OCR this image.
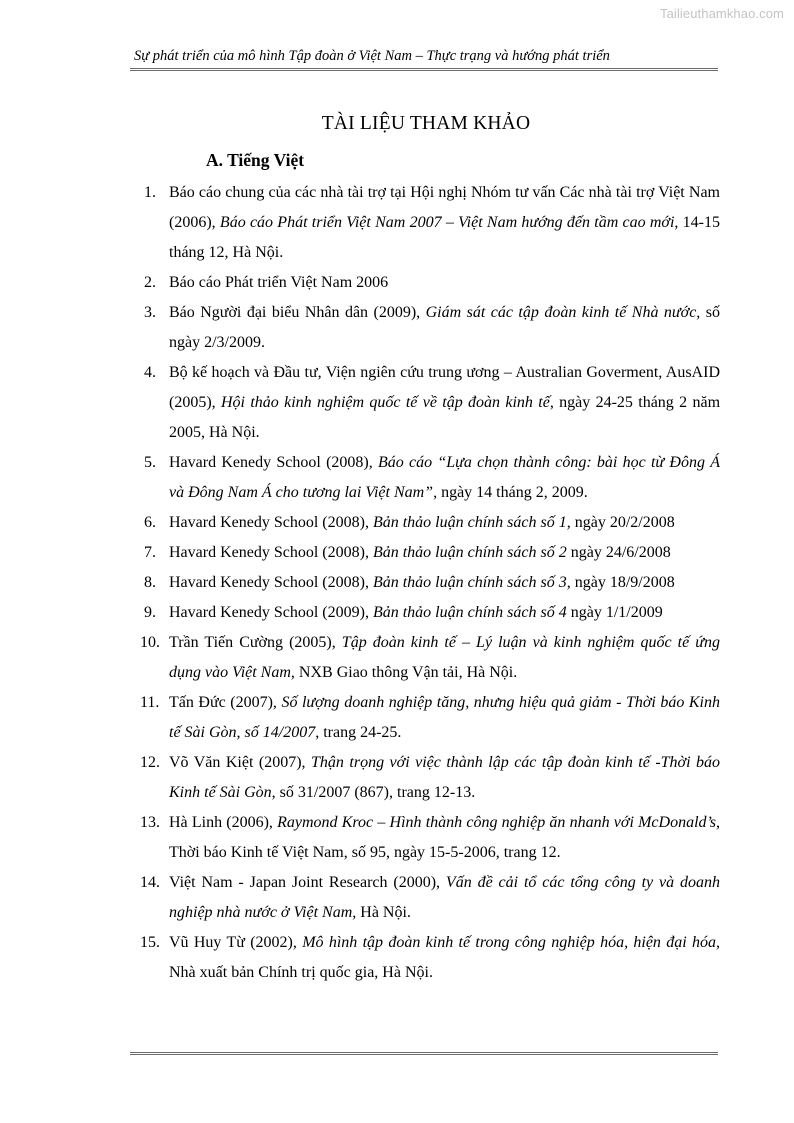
Tailieuthamkhao.com
Sự phát triển của mô hình Tập đoàn ở Việt Nam – Thực trạng và hướng phát triển
TÀI LIỆU THAM KHẢO
A. Tiếng Việt
1. Báo cáo chung của các nhà tài trợ tại Hội nghị Nhóm tư vấn Các nhà tài trợ Việt Nam (2006), Báo cáo Phát triển Việt Nam 2007 – Việt Nam hướng đến tầm cao mới, 14-15 tháng 12, Hà Nội.
2. Báo cáo Phát triển Việt Nam 2006
3. Báo Người đại biểu Nhân dân (2009), Giám sát các tập đoàn kinh tế Nhà nước, số ngày 2/3/2009.
4. Bộ kế hoạch và Đầu tư, Viện ngiên cứu trung ương – Australian Goverment, AusAID (2005), Hội thảo kinh nghiệm quốc tế về tập đoàn kinh tế, ngày 24-25 tháng 2 năm 2005, Hà Nội.
5. Havard Kenedy School (2008), Báo cáo “Lựa chọn thành công: bài học từ Đông Á và Đông Nam Á cho tương lai Việt Nam”, ngày 14 tháng 2, 2009.
6. Havard Kenedy School (2008), Bản thảo luận chính sách số 1, ngày 20/2/2008
7. Havard Kenedy School (2008), Bản thảo luận chính sách số 2 ngày 24/6/2008
8. Havard Kenedy School (2008), Bản thảo luận chính sách số 3, ngày 18/9/2008
9. Havard Kenedy School (2009), Bản thảo luận chính sách số 4 ngày 1/1/2009
10. Trần Tiến Cường (2005), Tập đoàn kinh tế – Lý luận và kinh nghiệm quốc tế ứng dụng vào Việt Nam, NXB Giao thông Vận tải, Hà Nội.
11. Tấn Đức (2007), Số lượng doanh nghiệp tăng, nhưng hiệu quả giảm - Thời báo Kinh tế Sài Gòn, số 14/2007, trang 24-25.
12. Võ Văn Kiệt (2007), Thận trọng với việc thành lập các tập đoàn kinh tế -Thời báo Kinh tế Sài Gòn, số 31/2007 (867), trang 12-13.
13. Hà Linh (2006), Raymond Kroc – Hình thành công nghiệp ăn nhanh với McDonald’s, Thời báo Kinh tế Việt Nam, số 95, ngày 15-5-2006, trang 12.
14. Việt Nam - Japan Joint Research (2000), Vấn đề cải tổ các tổng công ty và doanh nghiệp nhà nước ở Việt Nam, Hà Nội.
15. Vũ Huy Từ (2002), Mô hình tập đoàn kinh tế trong công nghiệp hóa, hiện đại hóa, Nhà xuất bản Chính trị quốc gia, Hà Nội.
